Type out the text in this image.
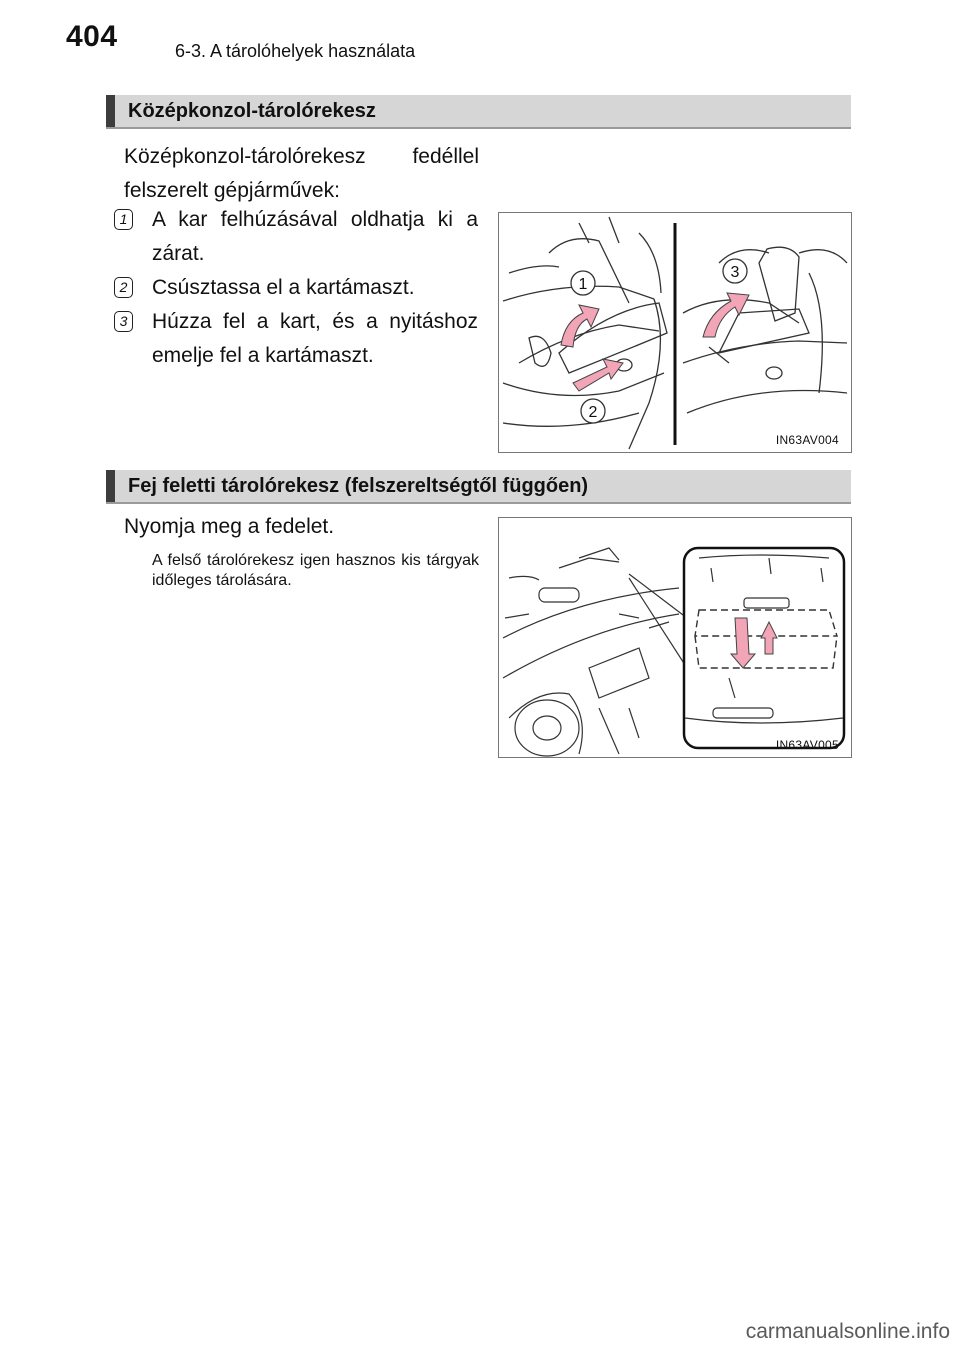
404	6-3. A tárolóhelyek használata
Középkonzol-tárolórekesz
Középkonzol-tárolórekesz fedéllel felszerelt gépjárművek:
1 A kar felhúzásával oldhatja ki a zárat.
2 Csúsztassa el a kartámaszt.
3 Húzza fel a kart, és a nyitáshoz emelje fel a kartámaszt.
1
2
3
IN63AV004
Fej feletti tárolórekesz (felszereltségtől függően)
Nyomja meg a fedelet.
A felső tárolórekesz igen hasznos kis tárgyak időleges tárolására.
IN63AV005
carmanualsonline.info
